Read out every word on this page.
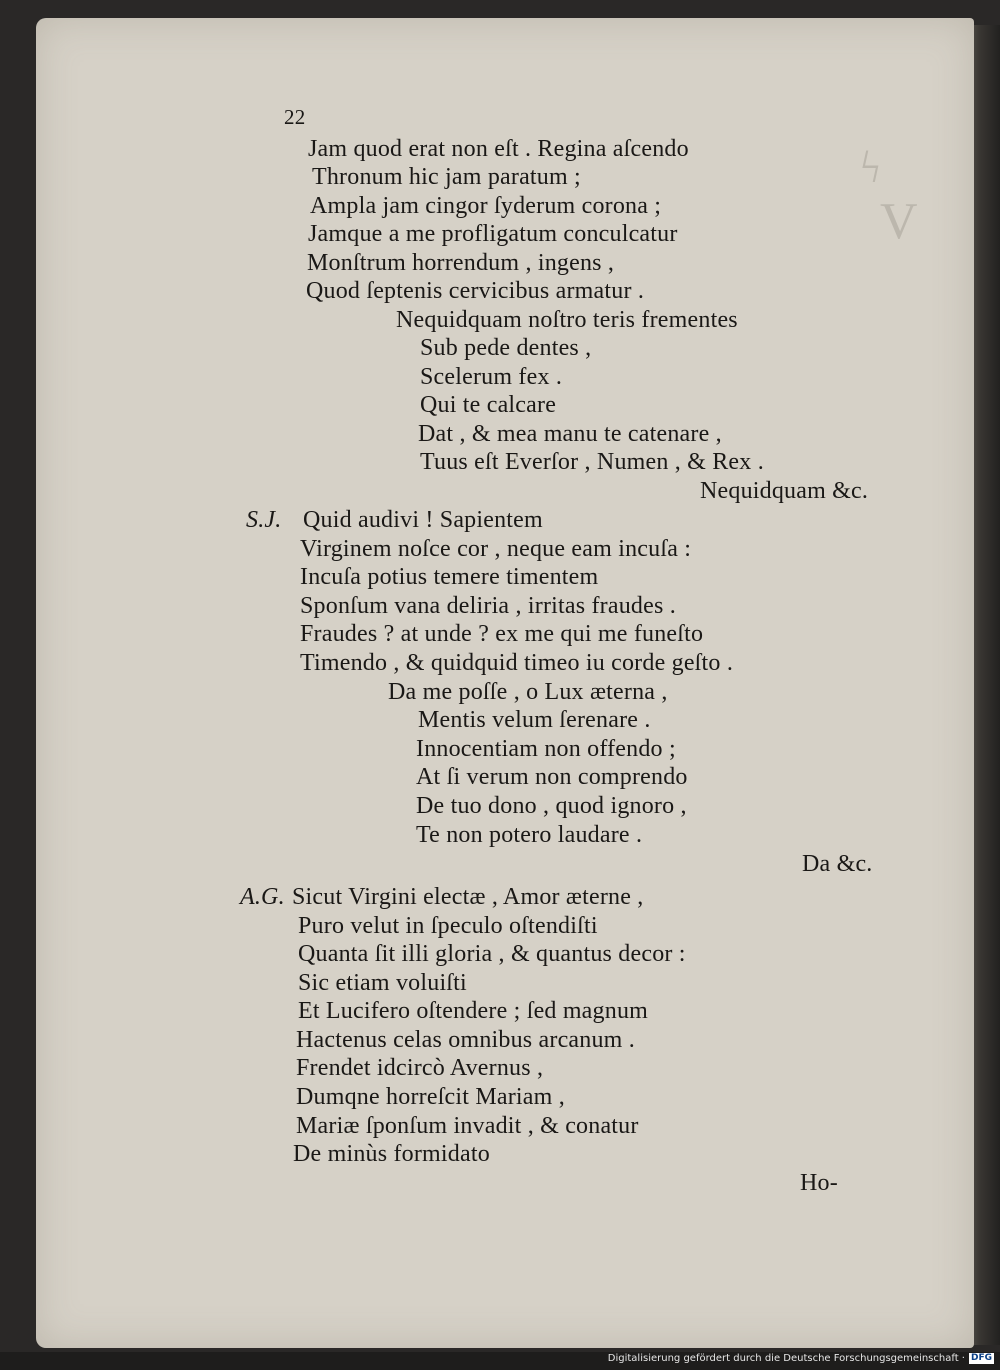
ϟ
V
22
Jam quod erat non eſt . Regina aſcendo
Thronum hic jam paratum ;
Ampla jam cingor ſyderum corona ;
Jamque a me profligatum conculcatur
Monſtrum horrendum , ingens ,
Quod ſeptenis cervicibus armatur .
Nequidquam noſtro teris frementes
Sub pede dentes ,
Scelerum fex .
Qui te calcare
Dat , & mea manu te catenare ,
Tuus eſt Everſor , Numen , & Rex .
Nequidquam &c.
S.J. Quid audivi ! Sapientem
Virginem noſce cor , neque eam incuſa :
Incuſa potius temere timentem
Sponſum vana deliria , irritas fraudes .
Fraudes ? at unde ? ex me qui me funeſto
Timendo , & quidquid timeo iu corde geſto .
Da me poſſe , o Lux æterna ,
Mentis velum ſerenare .
Innocentiam non offendo ;
At ſi verum non comprendo
De tuo dono , quod ignoro ,
Te non potero laudare .
Da &c.
A.G. Sicut Virgini electæ , Amor æterne ,
Puro velut in ſpeculo oſtendiſti
Quanta ſit illi gloria , & quantus decor :
Sic etiam voluiſti
Et Lucifero oſtendere ; ſed magnum
Hactenus celas omnibus arcanum .
Frendet idcircò Avernus ,
Dumqne horreſcit Mariam ,
Mariæ ſponſum invadit , & conatur
De minùs formidato
Ho-
Digitalisierung gefördert durch die Deutsche Forschungsgemeinschaft · DFG
